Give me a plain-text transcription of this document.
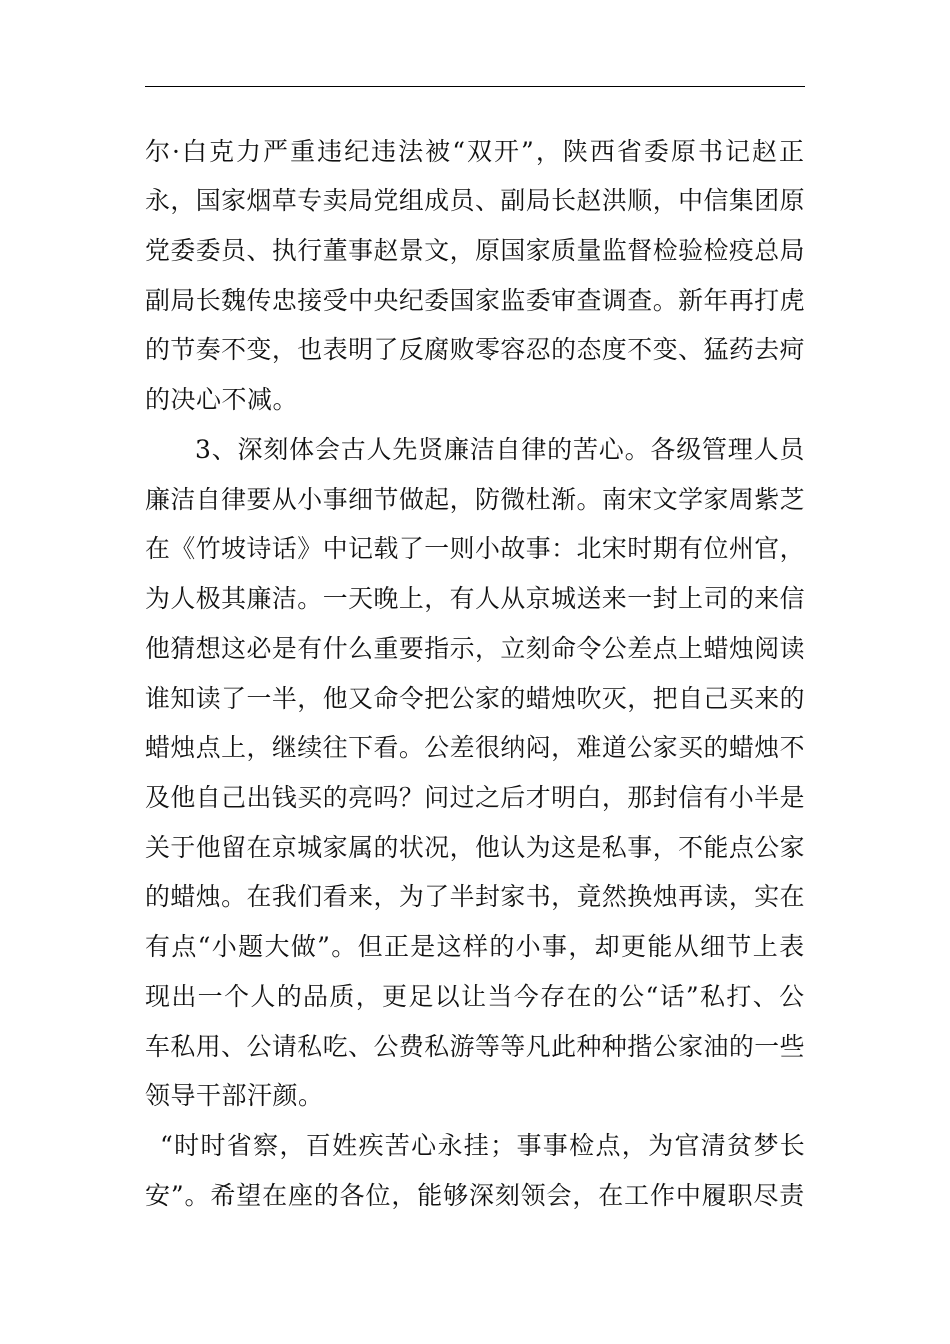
尔·白克力严重违纪违法被“双开”，陕西省委原书记赵正
永，国家烟草专卖局党组成员、副局长赵洪顺，中信集团原
党委委员、执行董事赵景文，原国家质量监督检验检疫总局
副局长魏传忠接受中央纪委国家监委审查调查。新年再打虎
的节奏不变，也表明了反腐败零容忍的态度不变、猛药去疴
的决心不减。
3、深刻体会古人先贤廉洁自律的苦心。各级管理人员
廉洁自律要从小事细节做起，防微杜渐。南宋文学家周紫芝
在《竹坡诗话》中记载了一则小故事：北宋时期有位州官，
为人极其廉洁。一天晚上，有人从京城送来一封上司的来信
他猜想这必是有什么重要指示，立刻命令公差点上蜡烛阅读
谁知读了一半，他又命令把公家的蜡烛吹灭，把自己买来的
蜡烛点上，继续往下看。公差很纳闷，难道公家买的蜡烛不
及他自己出钱买的亮吗？问过之后才明白，那封信有小半是
关于他留在京城家属的状况，他认为这是私事，不能点公家
的蜡烛。在我们看来，为了半封家书，竟然换烛再读，实在
有点“小题大做”。但正是这样的小事，却更能从细节上表
现出一个人的品质，更足以让当今存在的公“话”私打、公
车私用、公请私吃、公费私游等等凡此种种揩公家油的一些
领导干部汗颜。
“时时省察，百姓疾苦心永挂；事事检点，为官清贫梦长
安”。希望在座的各位，能够深刻领会，在工作中履职尽责
